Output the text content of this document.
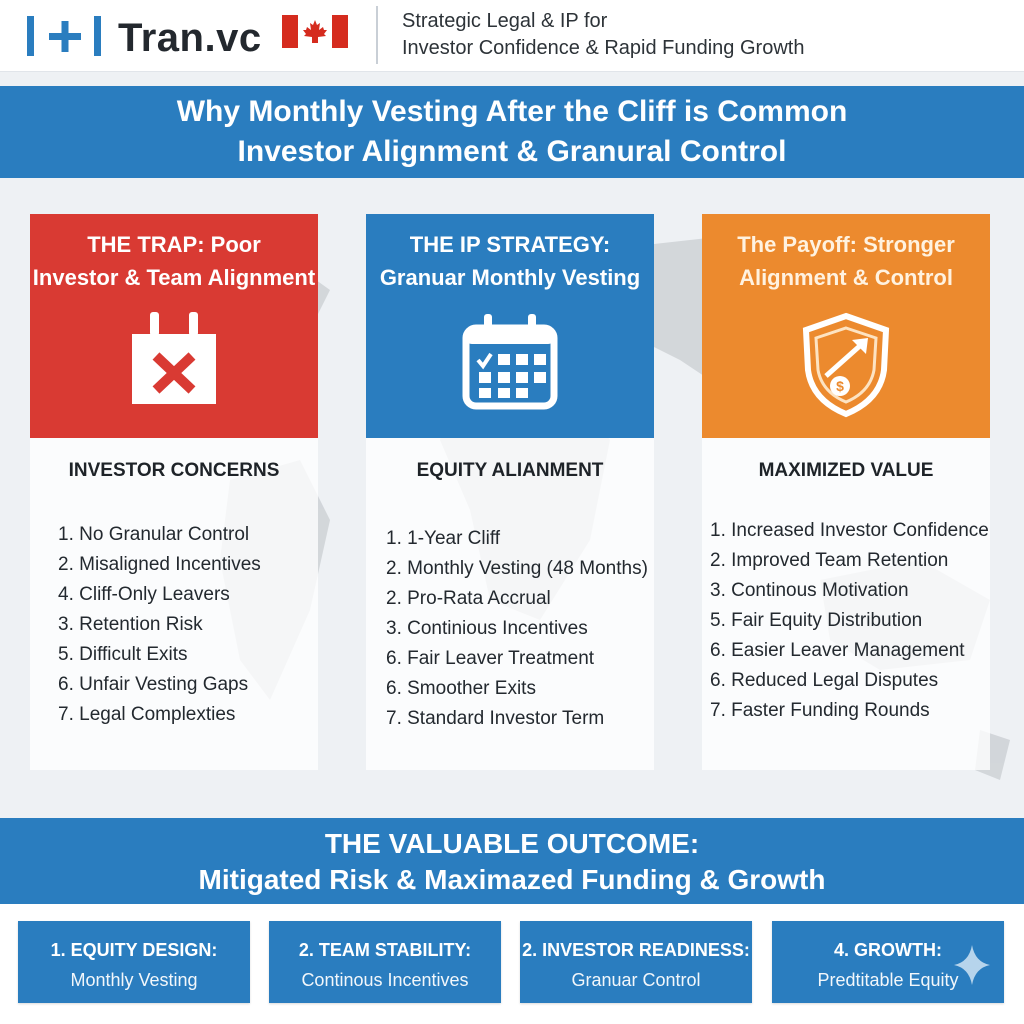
Tran.vc	Strategic Legal & IP for
Investor Confidence & Rapid Funding Growth
Why Monthly Vesting After the Cliff is Common
Investor Alignment & Granural Control
THE TRAP: Poor
Investor & Team Alignment
INVESTOR CONCERNS
1. No Granular Control
2. Misaligned Incentives
4. Cliff-Only Leavers
3. Retention Risk
5. Difficult Exits
6. Unfair Vesting Gaps
7. Legal Complexties
THE IP STRATEGY:
Granuar Monthly Vesting
EQUITY ALIANMENT
1. 1-Year Cliff
2. Monthly Vesting (48 Months)
2. Pro-Rata Accrual
3. Continious Incentives
6. Fair Leaver Treatment
6. Smoother Exits
7. Standard Investor Term
The Payoff: Stronger
Alignment & Control
$
MAXIMIZED VALUE
1. Increased Investor Confidence
2. Improved Team Retention
3. Continous Motivation
5. Fair Equity Distribution
6. Easier Leaver Management
6. Reduced Legal Disputes
7. Faster Funding Rounds
THE VALUABLE OUTCOME:
Mitigated Risk & Maximazed Funding & Growth
1. EQUITY DESIGN:
Monthly Vesting
2. TEAM STABILITY:
Continous Incentives
2. INVESTOR READINESS:
Granuar Control
4. GROWTH:
Predtitable Equity
